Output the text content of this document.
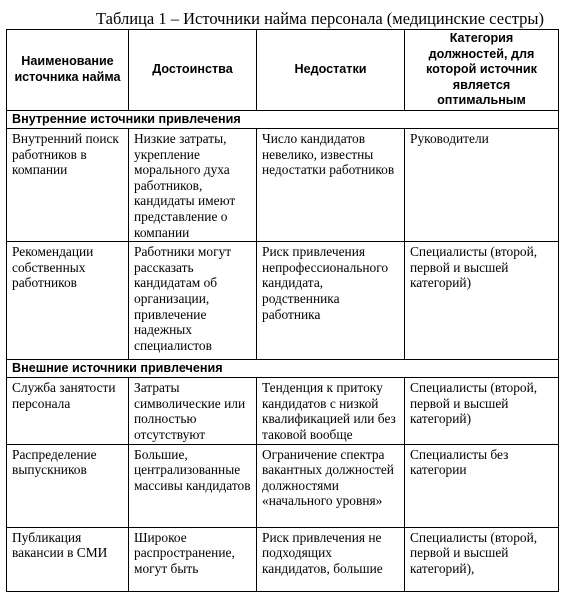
Таблица 1 – Источники найма персонала (медицинские сестры)
Наименование источника найма	Достоинства	Недостатки	Категория должностей, для которой источник является оптимальным
Внутренние источники привлечения			
Внутренний поиск работников в компании	Низкие затраты, укрепление морального духа работников, кандидаты имеют представление о компании	Число кандидатов невелико, известны недостатки работников	Руководители
Рекомендации собственных работников	Работники могут рассказать кандидатам об организации, привлечение надежных специалистов	Риск привлечения непрофессионального кандидата, родственника работника	Специалисты (второй, первой и высшей категорий)
Внешние источники привлечения			
Служба занятости персонала	Затраты символические или полностью отсутствуют	Тенденция к притоку кандидатов с низкой квалификацией или без таковой вообще	Специалисты (второй, первой и высшей категорий)
Распределение выпускников	Большие, централизованные массивы кандидатов	Ограничение спектра вакантных должностей должностями «начального уровня»	Специалисты без категории
Публикация вакансии в СМИ	Широкое распространение, могут быть	Риск привлечения не подходящих кандидатов, большие	Специалисты (второй, первой и высшей категорий),
